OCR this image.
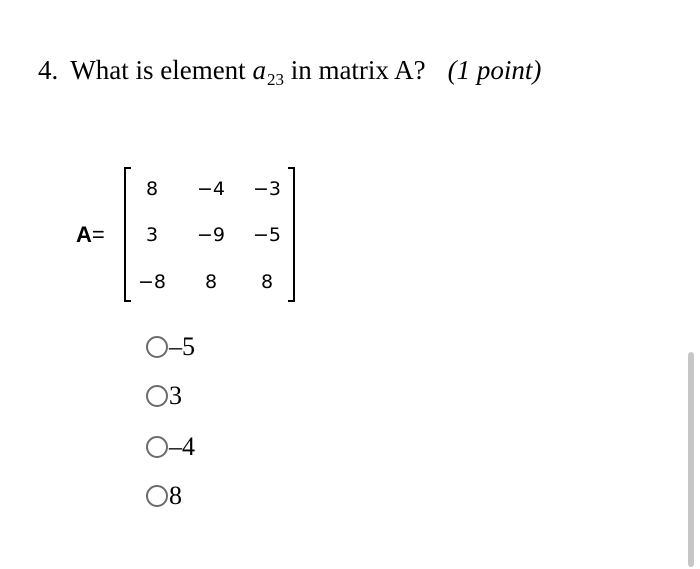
4. What is element $a_{23}$ in matrix A? (1 point)
A=
8	−4	−3
3	−9	−5
−8	8	8
–5
3
–4
8
